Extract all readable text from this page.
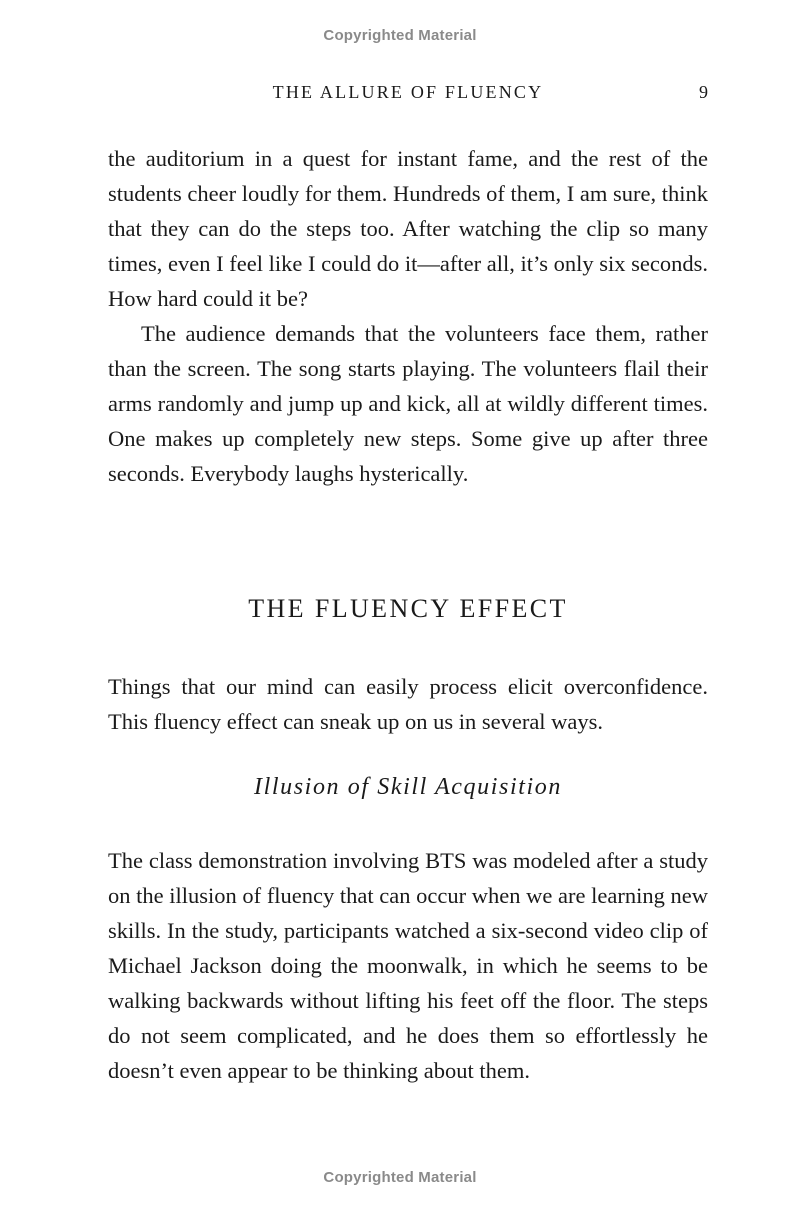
Copyrighted Material
THE ALLURE OF FLUENCY	9

the auditorium in a quest for instant fame, and the rest of the students cheer loudly for them. Hundreds of them, I am sure, think that they can do the steps too. After watching the clip so many times, even I feel like I could do it—after all, it’s only six seconds. How hard could it be?

The audience demands that the volunteers face them, rather than the screen. The song starts playing. The volunteers flail their arms randomly and jump up and kick, all at wildly different times. One makes up completely new steps. Some give up after three seconds. Everybody laughs hysterically.

THE FLUENCY EFFECT

Things that our mind can easily process elicit overconfidence. This fluency effect can sneak up on us in several ways.

Illusion of Skill Acquisition

The class demonstration involving BTS was modeled after a study on the illusion of fluency that can occur when we are learning new skills. In the study, participants watched a six-second video clip of Michael Jackson doing the moonwalk, in which he seems to be walking backwards without lifting his feet off the floor. The steps do not seem complicated, and he does them so effortlessly he doesn’t even appear to be thinking about them.

Copyrighted Material
